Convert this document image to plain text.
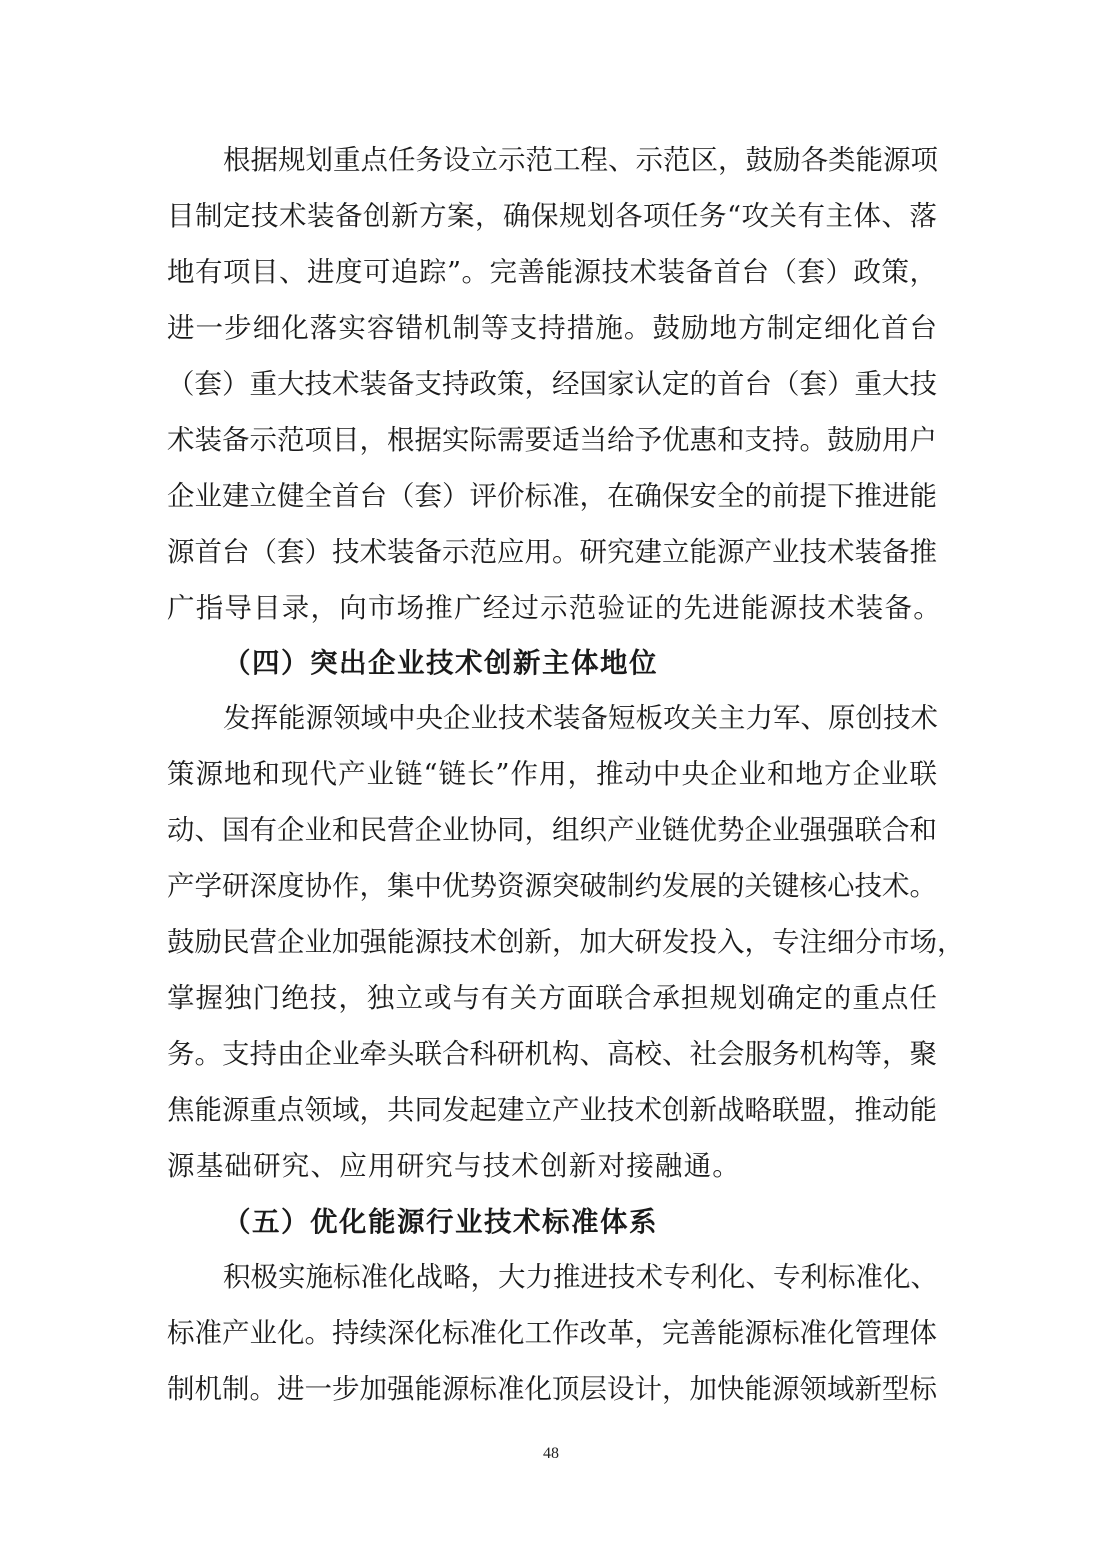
根据规划重点任务设立示范工程、示范区，鼓励各类能源项
目制定技术装备创新方案，确保规划各项任务“攻关有主体、落
地有项目、进度可追踪”。完善能源技术装备首台（套）政策，
进一步细化落实容错机制等支持措施。鼓励地方制定细化首台
（套）重大技术装备支持政策，经国家认定的首台（套）重大技
术装备示范项目，根据实际需要适当给予优惠和支持。鼓励用户
企业建立健全首台（套）评价标准，在确保安全的前提下推进能
源首台（套）技术装备示范应用。研究建立能源产业技术装备推
广指导目录，向市场推广经过示范验证的先进能源技术装备。
（四）突出企业技术创新主体地位
发挥能源领域中央企业技术装备短板攻关主力军、原创技术
策源地和现代产业链“链长”作用，推动中央企业和地方企业联
动、国有企业和民营企业协同，组织产业链优势企业强强联合和
产学研深度协作，集中优势资源突破制约发展的关键核心技术。
鼓励民营企业加强能源技术创新，加大研发投入，专注细分市场，
掌握独门绝技，独立或与有关方面联合承担规划确定的重点任
务。支持由企业牵头联合科研机构、高校、社会服务机构等，聚
焦能源重点领域，共同发起建立产业技术创新战略联盟，推动能
源基础研究、应用研究与技术创新对接融通。
（五）优化能源行业技术标准体系
积极实施标准化战略，大力推进技术专利化、专利标准化、
标准产业化。持续深化标准化工作改革，完善能源标准化管理体
制机制。进一步加强能源标准化顶层设计，加快能源领域新型标
48
